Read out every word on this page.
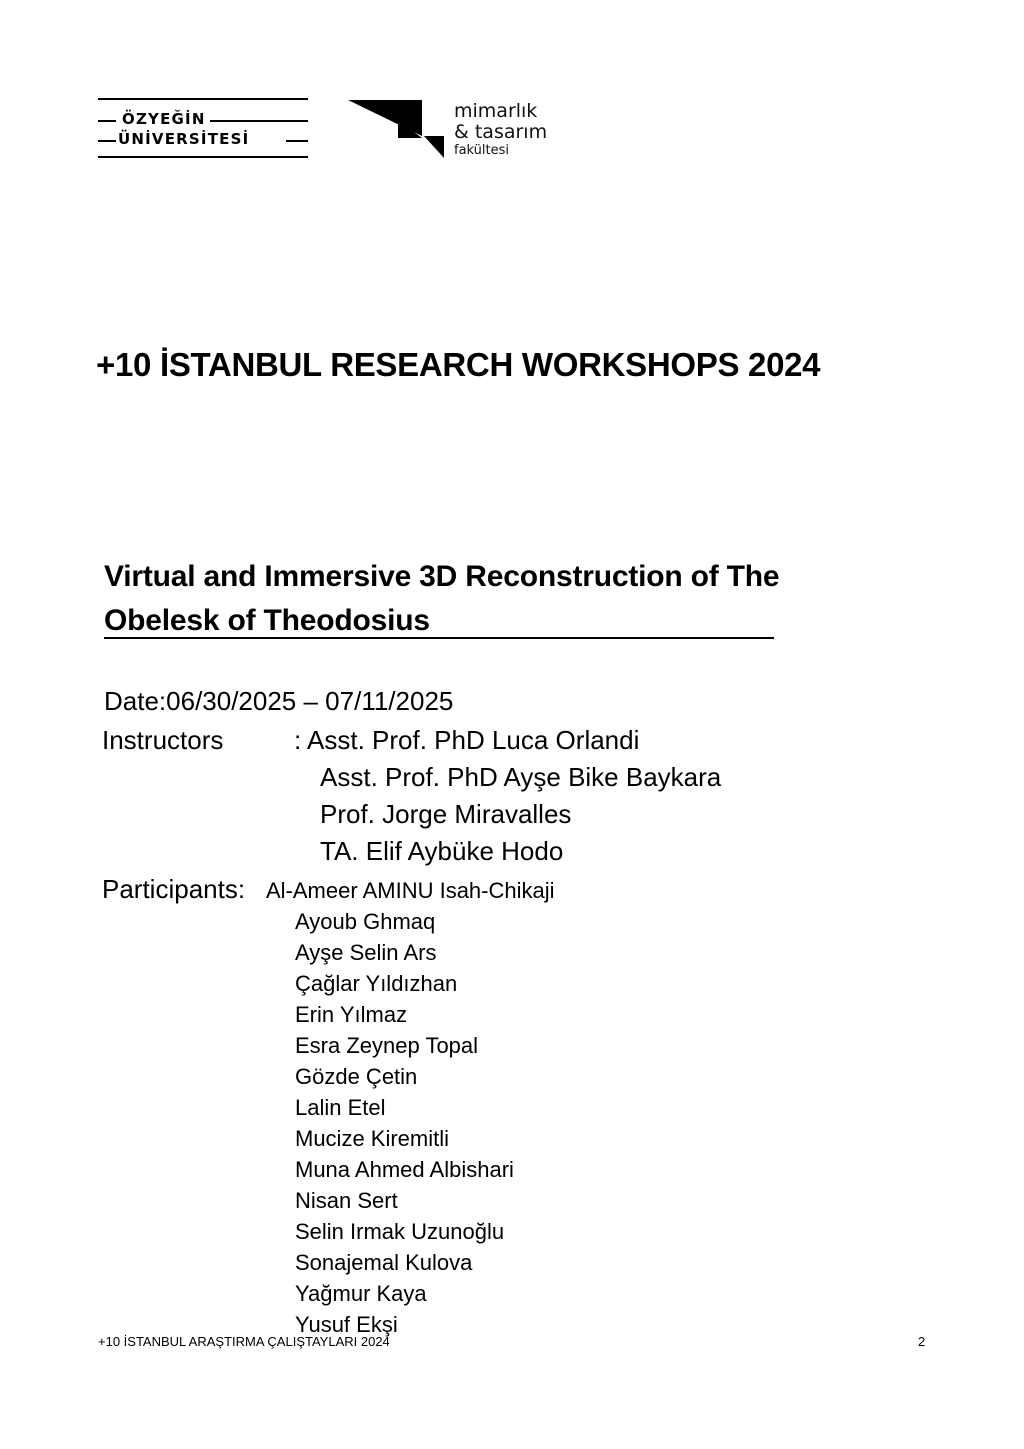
ÖZYEĞİN
ÜNİVERSİTESİ
mimarlık
& tasarım
fakültesi
+10 İSTANBUL RESEARCH WORKSHOPS 2024
Virtual and Immersive 3D Reconstruction of The
Obelesk of Theodosius
Date:06/30/2025 – 07/11/2025
Instructors	: Asst. Prof. PhD Luca Orlandi
Asst. Prof. PhD Ayşe Bike Baykara
Prof. Jorge Miravalles
TA. Elif Aybüke Hodo
Participants: Al-Ameer AMINU Isah-Chikaji
Ayoub Ghmaq
Ayşe Selin Ars
Çağlar Yıldızhan
Erin Yılmaz
Esra Zeynep Topal
Gözde Çetin
Lalin Etel
Mucize Kiremitli
Muna Ahmed Albishari
Nisan Sert
Selin Irmak Uzunoğlu
Sonajemal Kulova
Yağmur Kaya
Yusuf Ekşi
+10 İSTANBUL ARAŞTIRMA ÇALIŞTAYLARI 2024	2
